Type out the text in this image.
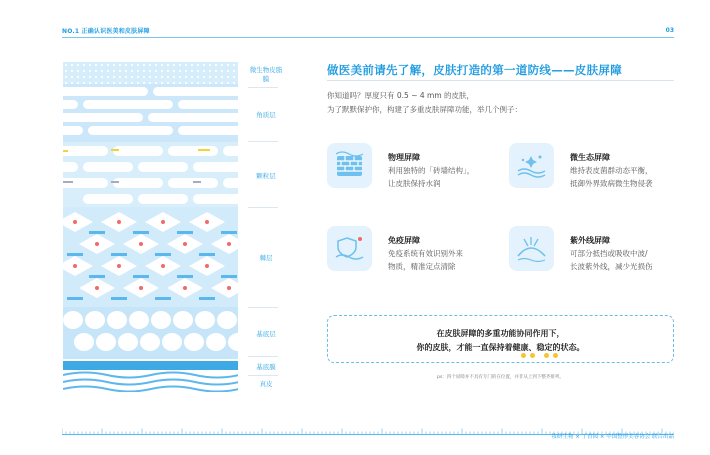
NO.1 正确认识医美和皮肤屏障	03
微生物皮脂膜
角质层
颗粒层
棘层
基底层
基底膜
真皮
做医美前请先了解，皮肤打造的第一道防线——皮肤屏障
你知道吗？厚度只有 0.5 ~ 4 mm 的皮肤，
为了默默保护你，构建了多重皮肤屏障功能，举几个例子：
物理屏障
利用独特的「砖墙结构」，
让皮肤保持水润
微生态屏障
维持表皮菌群动态平衡，
抵御外界致病微生物侵袭
免疫屏障
免疫系统有效识别外来
物质，精准定点清除
紫外线屏障
可部分抵挡或吸收中波/
长波紫外线，减少光损伤
在皮肤屏障的多重功能协同作用下，
你的皮肤，才能一直保持着健康、稳定的状态。
ps：四个屏障并不具有专门的在位置，并非从上到下整齐排列。
妆研生物 × 丁香园 × 中国整形美容协会 联合出品
